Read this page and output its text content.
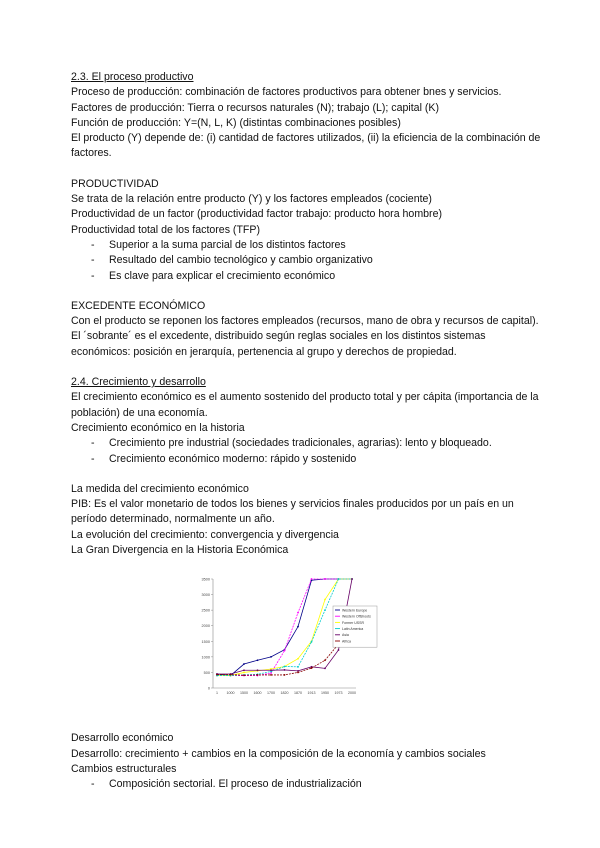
2.3. El proceso productivo
Proceso de producción: combinación de factores productivos para obtener bnes y servicios.
Factores de producción: Tierra o recursos naturales (N); trabajo (L); capital (K)
Función de producción: Y=(N, L, K) (distintas combinaciones posibles)
El producto (Y) depende de: (i) cantidad de factores utilizados, (ii) la eficiencia de la combinación de factores.
PRODUCTIVIDAD
Se trata de la relación entre producto (Y) y los factores empleados (cociente)
Productividad de un factor (productividad factor trabajo: producto hora hombre)
Productividad total de los factores (TFP)
- Superior a la suma parcial de los distintos factores
- Resultado del cambio tecnológico y cambio organizativo
- Es clave para explicar el crecimiento económico
EXCEDENTE ECONÓMICO
Con el producto se reponen los factores empleados (recursos, mano de obra y recursos de capital). El ´sobrante´ es el excedente, distribuido según reglas sociales en los distintos sistemas económicos: posición en jerarquía, pertenencia al grupo y derechos de propiedad.
2.4. Crecimiento y desarrollo
El crecimiento económico es el aumento sostenido del producto total y per cápita (importancia de la población) de una economía.
Crecimiento económico en la historia
- Crecimiento pre industrial (sociedades tradicionales, agrarias): lento y bloqueado.
- Crecimiento económico moderno: rápido y sostenido
La medida del crecimiento económico
PIB: Es el valor monetario de todos los bienes y servicios finales producidos por un país en un período determinado, normalmente un año.
La evolución del crecimiento: convergencia y divergencia
La Gran Divergencia en la Historia Económica
0
500
1000
1500
2000
2500
3000
3500
1 1000 1500 1600 1700 1820 1870 1913 1950 1973 2000
Western Europe
Western Offshoots
Former USSR
Latin America
Asia
Africa
Desarrollo económico
Desarrollo: crecimiento + cambios en la composición de la economía y cambios sociales
Cambios estructurales
- Composición sectorial. El proceso de industrialización
